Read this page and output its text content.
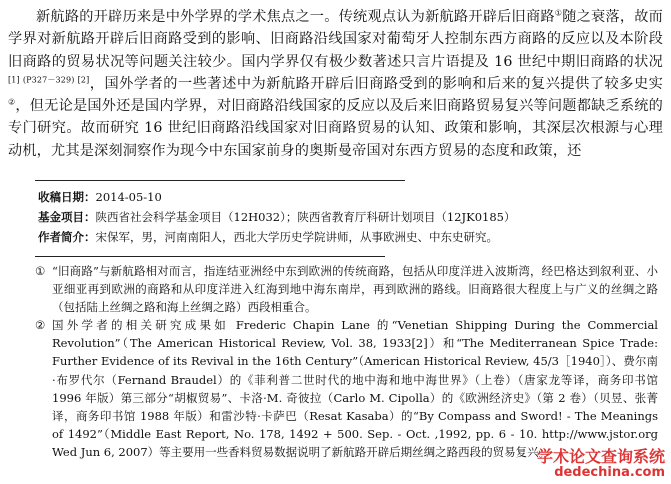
新航路的开辟历来是中外学界的学术焦点之一。传统观点认为新航路开辟后旧商路①随之衰落，故而学界对新航路开辟后旧商路受到的影响、旧商路沿线国家对葡萄牙人控制东西方商路的反应以及本阶段旧商路的贸易状况等问题关注较少。国内学界仅有极少数著述只言片语提及 16 世纪中期旧商路的状况[1] (P327－329) [2]，国外学者的一些著述中为新航路开辟后旧商路受到的影响和后来的复兴提供了较多史实②，但无论是国外还是国内学界，对旧商路沿线国家的反应以及后来旧商路贸易复兴等问题都缺乏系统的专门研究。故而研究 16 世纪旧商路沿线国家对旧商路贸易的认知、政策和影响，其深层次根源与心理动机，尤其是深刻洞察作为现今中东国家前身的奥斯曼帝国对东西方贸易的态度和政策，还

收稿日期：2014-05-10
基金项目：陕西省社会科学基金项目（12H032）；陕西省教育厅科研计划项目（12JK0185）
作者简介：宋保军，男，河南南阳人，西北大学历史学院讲师，从事欧洲史、中东史研究。
① “旧商路”与新航路相对而言，指连结亚洲经中东到欧洲的传统商路，包括从印度洋进入波斯湾，经巴格达到叙利亚、小亚细亚再到欧洲的商路和从印度洋进入红海到地中海东南岸，再到欧洲的路线。旧商路很大程度上与广义的丝绸之路（包括陆上丝绸之路和海上丝绸之路）西段相重合。
② 国外学者的相关研究成果如 Frederic Chapin Lane 的“Venetian Shipping During the Commercial Revolution”（The American Historical Review, Vol. 38, 1933[2]）和“The Mediterranean Spice Trade: Further Evidence of its Revival in the 16th Century”（American Historical Review, 45/3［1940］）、费尔南·布罗代尔（Fernand Braudel）的《菲利普二世时代的地中海和地中海世界》（上卷）（唐家龙等译，商务印书馆 1996 年版）第三部分“胡椒贸易”、卡洛·M. 奇彼拉（Carlo M. Cipolla）的《欧洲经济史》（第 2 卷）（贝昱、张菁译，商务印书馆 1988 年版）和雷沙特·卡萨巴（Resat Kasaba）的“By Compass and Sword! - The Meanings of 1492”（Middle East Report, No. 178, 1492 + 500. Sep. - Oct. ,1992, pp. 6 - 10. http://www.jstor.org Wed Jun 6, 2007）等主要用一些香料贸易数据说明了新航路开辟后期丝绸之路西段的贸易复兴。
学术论文查询系统
dedechina.com
